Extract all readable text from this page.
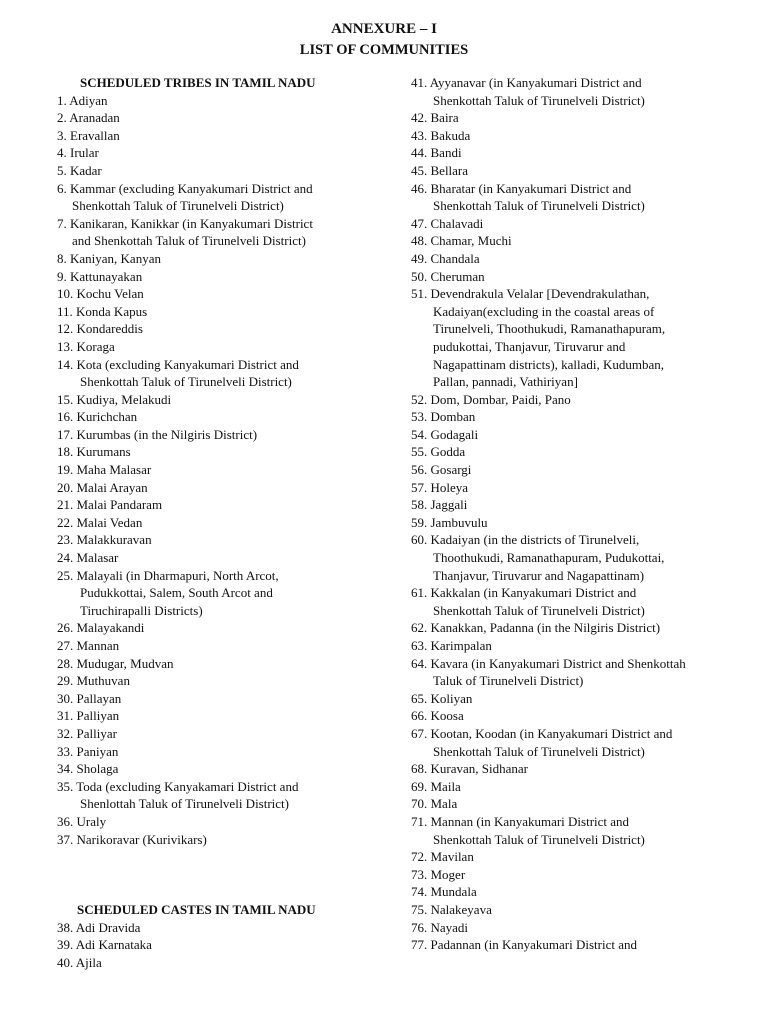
ANNEXURE – I
LIST OF COMMUNITIES
SCHEDULED TRIBES IN TAMIL NADU
1. Adiyan
2. Aranadan
3. Eravallan
4. Irular
5. Kadar
6. Kammar (excluding Kanyakumari District and
Shenkottah Taluk of Tirunelveli District)
7. Kanikaran, Kanikkar (in Kanyakumari District
and Shenkottah Taluk of Tirunelveli District)
8. Kaniyan, Kanyan
9. Kattunayakan
10. Kochu Velan
11. Konda Kapus
12. Kondareddis
13. Koraga
14. Kota (excluding Kanyakumari District and
Shenkottah Taluk of Tirunelveli District)
15. Kudiya, Melakudi
16. Kurichchan
17. Kurumbas (in the Nilgiris District)
18. Kurumans
19. Maha Malasar
20. Malai Arayan
21. Malai Pandaram
22. Malai Vedan
23. Malakkuravan
24. Malasar
25. Malayali (in Dharmapuri, North Arcot,
Pudukkottai, Salem, South Arcot and
Tiruchirapalli Districts)
26. Malayakandi
27. Mannan
28. Mudugar, Mudvan
29. Muthuvan
30. Pallayan
31. Palliyan
32. Palliyar
33. Paniyan
34. Sholaga
35. Toda (excluding Kanyakamari District and
Shenlottah Taluk of Tirunelveli District)
36. Uraly
37. Narikoravar (Kurivikars)
SCHEDULED CASTES IN TAMIL NADU
38. Adi Dravida
39. Adi Karnataka
40. Ajila
41. Ayyanavar (in Kanyakumari District and
Shenkottah Taluk of Tirunelveli District)
42. Baira
43. Bakuda
44. Bandi
45. Bellara
46. Bharatar (in Kanyakumari District and
Shenkottah Taluk of Tirunelveli District)
47. Chalavadi
48. Chamar, Muchi
49. Chandala
50. Cheruman
51. Devendrakula Velalar [Devendrakulathan,
Kadaiyan(excluding in the coastal areas of
Tirunelveli, Thoothukudi, Ramanathapuram,
pudukottai, Thanjavur, Tiruvarur and
Nagapattinam districts), kalladi, Kudumban,
Pallan, pannadi, Vathiriyan]
52. Dom, Dombar, Paidi, Pano
53. Domban
54. Godagali
55. Godda
56. Gosargi
57. Holeya
58. Jaggali
59. Jambuvulu
60. Kadaiyan (in the districts of Tirunelveli,
Thoothukudi, Ramanathapuram, Pudukottai,
Thanjavur, Tiruvarur and Nagapattinam)
61. Kakkalan (in Kanyakumari District and
Shenkottah Taluk of Tirunelveli District)
62. Kanakkan, Padanna (in the Nilgiris District)
63. Karimpalan
64. Kavara (in Kanyakumari District and Shenkottah
Taluk of Tirunelveli District)
65. Koliyan
66. Koosa
67. Kootan, Koodan (in Kanyakumari District and
Shenkottah Taluk of Tirunelveli District)
68. Kuravan, Sidhanar
69. Maila
70. Mala
71. Mannan (in Kanyakumari District and
Shenkottah Taluk of Tirunelveli District)
72. Mavilan
73. Moger
74. Mundala
75. Nalakeyava
76. Nayadi
77. Padannan (in Kanyakumari District and
